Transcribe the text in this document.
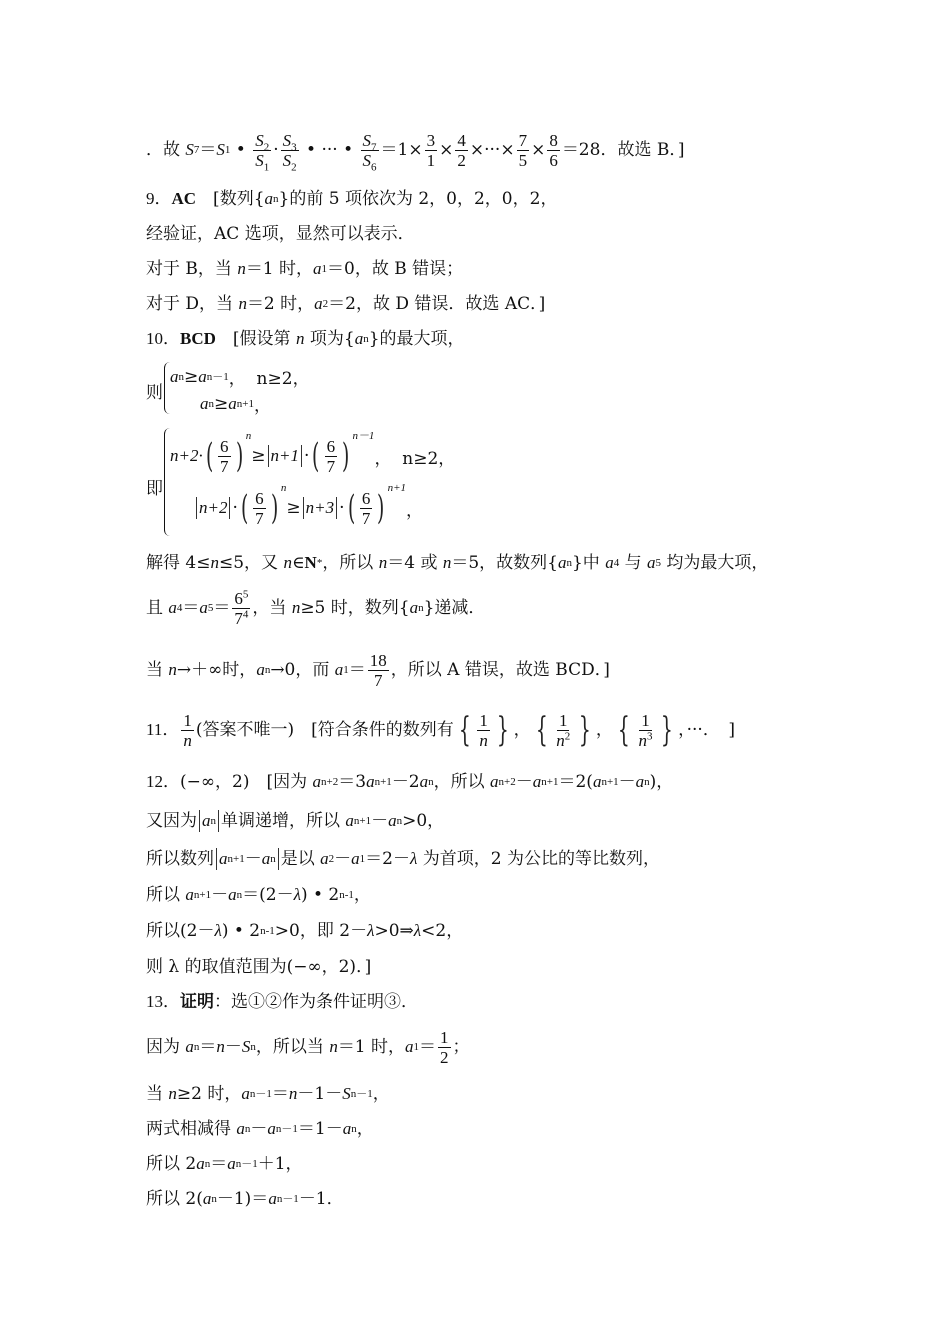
．故 S 7 ＝ S 1 • $\frac{S_2}{S_1} \cdot \frac{S_3}{S_2}$ • ··· • $\frac{S_7}{S_6} =1\times \frac{3}{1} \times \frac{4}{2}$ ×···× $\frac{7}{5} \times \frac{8}{6} =28$．故选 B．]
9． AC 　[数列{ a n }的前 5 项依次为 2，0，2，0，2，
经验证，AC 选项，显然可以表示．
对于 B，当 n ＝1 时， a 1 ＝0，故 B 错误；
对于 D，当 n ＝2 时， a 2 ＝2，故 D 错误．故选 AC．]
10． BCD 　[假设第 n 项为{ a n }的最大项，
则
a n ≥ a n－1 ，  n≥2，
a n ≥ a n+1 ，
即
n+2· ( $\frac{6}{7}$ ) n
≥ n+1 · ( $\frac{6}{7}$ ) n－1
，  n≥2，
n+2 · ( $\frac{6}{7}$ ) n
≥ n+3 · ( $\frac{6}{7}$ ) n+1
，
解得 4≤ n ≤5，又 n ∈ N * ，所以 n ＝4 或 n ＝5，故数列{ a n }中 a 4 与 a 5 均为最大项，
且 a 4 ＝ a $5 = \frac{6^5}{7^4}$ ，当 n ≥5 时，数列{ a n }递减．
当 n →＋∞时， a n →0，而 a $1 = \frac{18}{7}$ ，所以 A 错误，故选 BCD．]
11． $\frac{1}{n}$ (答案不唯一)　[符合条件的数列有 { $\frac{1}{n}$ } ， { $\frac{1}{n^2}$ } ， { $\frac{1}{n^3}$ } ，···．　]
12． (−∞，2) 　[因为 a n+2 ＝3 a n+1 －2 a n ，所以 a n+2 － a n+1 ＝2( a n+1 － a n )，
又因为 a n 单调递增，所以 a n+1 － a n >0，
所以数列 a n+1 － a n 是以 a 2 － a 1 ＝2－ λ 为首项，2 为公比的等比数列，
所以 a n+1 － a n ＝(2－ λ ) • 2 n-1 ，
所以(2－ λ ) • 2 n-1 >0，即 2－ λ >0⇒ λ <2，
则 λ 的取值范围为(−∞，2)．]
13． 证明 ：选①②作为条件证明③．
因为 a n ＝ n － S n ，所以当 n ＝1 时， a $1 = \frac{1}{2}$ ；
当 n ≥2 时， a n－1 ＝ n －1－ S n－1 ，
两式相减得 a n － a n－1 ＝1－ a n ，
所以 2 a n ＝ a n－1 ＋1，
所以 2( a n －1)＝ a n－1 －1．
